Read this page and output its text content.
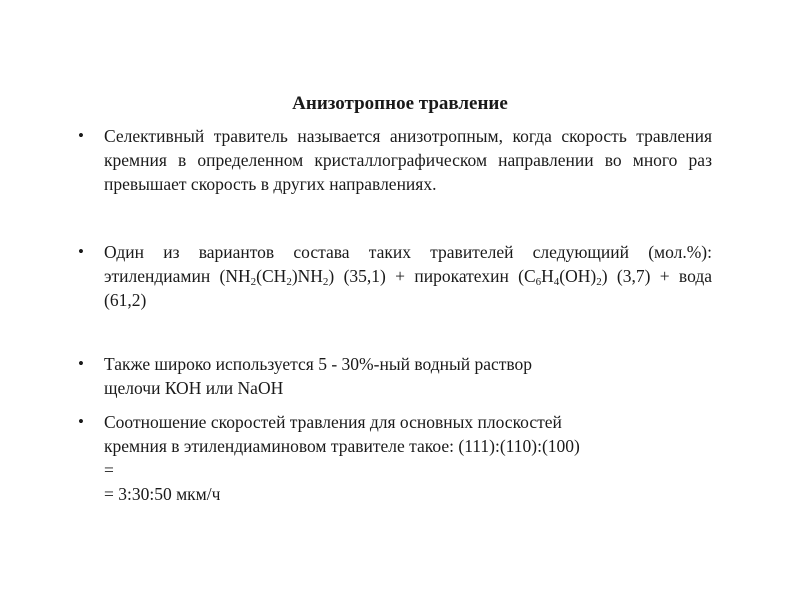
Анизотропное травление
• Селективный травитель называется анизотропным, когда скорость травления кремния в определенном кристаллографическом направлении во много раз превышает скорость в других направлениях.
• Один из вариантов состава таких травителей следующиий (мол.%): этилендиамин $(NH_2(CH_2)NH_2) (35,1)$ + пирокатехин $(C_6H_4(OH)_2) (3,7)$ + вода (61,2)
• Также широко используется 5 - 30%-ный водный раствор
щелочи КОН или NaOH
• Соотношение скоростей травления для основных плоскостей
кремния в этилендиаминовом травителе такое: (111):(110):(100)
=
= 3:30:50 мкм/ч
